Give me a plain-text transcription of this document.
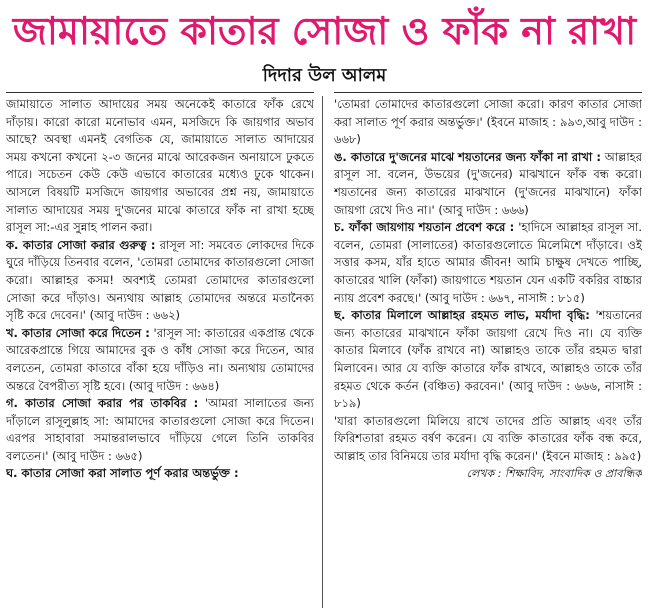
জামায়াতে কাতার সোজা ও ফাঁক না রাখা
দিদার উল আলম

জামায়াতে সালাত আদায়ের সময় অনেকেই কাতারে ফাঁক রেখে দাঁড়ায়। কারো কারো মনোভাব এমন, মসজিদে কি জায়গার অভাব আছে? অবস্থা এমনই বেগতিক যে, জামায়াতে সালাত আদায়ের সময় কখনো কখনো ২-৩ জনের মাঝে আরেকজন অনায়াসে ঢুকতে পারে। সচেতন কেউ কেউ এভাবে কাতারের মধ্যেও ঢুকে থাকেন। আসলে বিষয়টি মসজিদে জায়গার অভাবের প্রশ্ন নয়, জামায়াতে সালাত আদায়ের সময় দু'জনের মাঝে কাতারে ফাঁক না রাখা হচ্ছে রাসূল সা:-এর সুন্নাহ পালন করা।

ক. কাতার সোজা করার গুরুত্ব : রাসূল সা: সমবেত লোকদের দিকে ঘুরে দাঁড়িয়ে তিনবার বলেন, 'তোমরা তোমাদের কাতারগুলো সোজা করো। আল্লাহর কসম! অবশ্যই তোমরা তোমাদের কাতারগুলো সোজা করে দাঁড়াও। অন্যথায় আল্লাহ তোমাদের অন্তরে মতানৈক্য সৃষ্টি করে দেবেন।' (আবু দাউদ : ৬৬২)

খ. কাতার সোজা করে দিতেন : 'রাসূল সা: কাতারের একপ্রান্ত থেকে আরেকপ্রান্তে গিয়ে আমাদের বুক ও কাঁধ সোজা করে দিতেন, আর বলতেন, তোমরা কাতারে বাঁকা হয়ে দাঁড়িও না। অন্যথায় তোমাদের অন্তরে বৈপরীত্য সৃষ্টি হবে। (আবু দাউদ : ৬৬৪)

গ. কাতার সোজা করার পর তাকবির : 'আমরা সালাতের জন্য দাঁড়ালে রাসূলুল্লাহ সা: আমাদের কাতারগুলো সোজা করে দিতেন। এরপর সাহাবারা সমান্তরালভাবে দাঁড়িয়ে গেলে তিনি তাকবির বলতেন।' (আবু দাউদ : ৬৬৫)

ঘ. কাতার সোজা করা সালাত পূর্ণ করার অন্তর্ভুক্ত :

'তোমরা তোমাদের কাতারগুলো সোজা করো। কারণ কাতার সোজা করা সালাত পূর্ণ করার অন্তর্ভুক্ত।' (ইবনে মাজাহ : ৯৯৩,আবু দাউদ : ৬৬৮)

ঙ. কাতারে দু'জনের মাঝে শয়তানের জন্য ফাঁকা না রাখা : আল্লাহর রাসূল সা. বলেন, উভয়ের (দু'জনের) মাঝখানে ফাঁক বন্ধ করো। শয়তানের জন্য কাতারের মাঝখানে (দু'জনের মাঝখানে) ফাঁকা জায়গা রেখে দিও না।' (আবু দাউদ : ৬৬৬)

চ. ফাঁকা জায়গায় শয়তান প্রবেশ করে : 'হাদিসে আল্লাহর রাসূল সা. বলেন, তোমরা (সালাতের) কাতারগুলোতে মিলেমিশে দাঁড়াবে। ওই সত্তার কসম, যাঁর হাতে আমার জীবন! আমি চাক্ষুষ দেখতে পাচ্ছি, কাতারের খালি (ফাঁকা) জায়গাতে শয়তান যেন একটি বকরির বাচ্চার ন্যায় প্রবেশ করছে।' (আবু দাউদ : ৬৬৭, নাসাঈ : ৮১৫)

ছ. কাতার মিলালে আল্লাহর রহমত লাভ, মর্যাদা বৃদ্ধি: 'শয়তানের জন্য কাতারের মাঝখানে ফাঁকা জায়গা রেখে দিও না। যে ব্যক্তি কাতার মিলাবে (ফাঁক রাখবে না) আল্লাহও তাকে তাঁর রহমত দ্বারা মিলাবেন। আর যে ব্যক্তি কাতারে ফাঁক রাখবে, আল্লাহও তাকে তাঁর রহমত থেকে কর্তন (বঞ্চিত) করবেন।' (আবু দাউদ : ৬৬৬, নাসাঈ : ৮১৯)

'যারা কাতারগুলো মিলিয়ে রাখে তাদের প্রতি আল্লাহ এবং তাঁর ফিরিশতারা রহমত বর্ষণ করেন। যে ব্যক্তি কাতারের ফাঁক বন্ধ করে, আল্লাহ তার বিনিময়ে তার মর্যাদা বৃদ্ধি করেন।' (ইবনে মাজাহ : ৯৯৫)

লেখক : শিক্ষাবিদ, সাংবাদিক ও প্রাবন্ধিক
